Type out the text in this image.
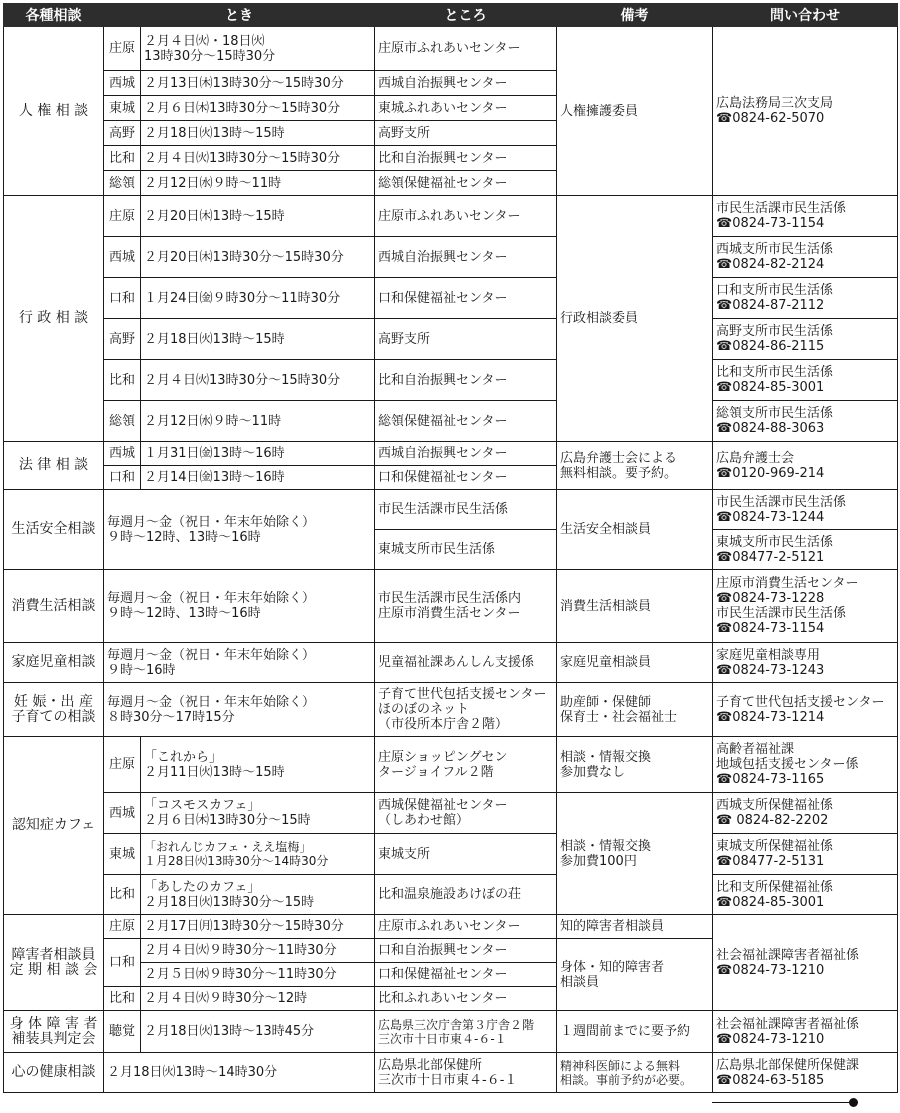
各種相談	とき		ところ	備考	問い合わせ
人 権 相 談	庄原	２月４日㈫・18日㈫
13時30分～15時30分	庄原市ふれあいセンター	人権擁護委員	広島法務局三次支局
☎0824-62-5070
	西城	２月13日㈭13時30分～15時30分	西城自治振興センター		
	東城	２月６日㈭13時30分～15時30分	東城ふれあいセンター		
	高野	２月18日㈫13時～15時	高野支所		
	比和	２月４日㈫13時30分～15時30分	比和自治振興センター		
	総領	２月12日㈬９時～11時	総領保健福祉センター		
行 政 相 談	庄原	２月20日㈭13時～15時	庄原市ふれあいセンター	行政相談委員	市民生活課市民生活係
☎0824-73-1154
	西城	２月20日㈭13時30分～15時30分	西城自治振興センター		西城支所市民生活係
☎0824-82-2124
	口和	１月24日㈮９時30分～11時30分	口和保健福祉センター		口和支所市民生活係
☎0824-87-2112
	高野	２月18日㈫13時～15時	高野支所		高野支所市民生活係
☎0824-86-2115
	比和	２月４日㈫13時30分～15時30分	比和自治振興センター		比和支所市民生活係
☎0824-85-3001
	総領	２月12日㈬９時～11時	総領保健福祉センター		総領支所市民生活係
☎0824-88-3063
法 律 相 談	西城	１月31日㈮13時～16時	西城自治振興センター	広島弁護士会による
無料相談。要予約。	広島弁護士会
☎0120-969-214
	口和	２月14日㈮13時～16時	口和保健福祉センター		
生活安全相談	毎週月～金（祝日・年末年始除く）
９時～12時、13時～16時		市民生活課市民生活係	生活安全相談員	市民生活課市民生活係
☎0824-73-1244
			東城支所市民生活係		東城支所市民生活係
☎08477-2-5121
消費生活相談	毎週月～金（祝日・年末年始除く）
９時～12時、13時～16時		市民生活課市民生活係内
庄原市消費生活センター	消費生活相談員	庄原市消費生活センター
☎0824-73-1228
市民生活課市民生活係
☎0824-73-1154
家庭児童相談	毎週月～金（祝日・年末年始除く）
９時～16時		児童福祉課あんしん支援係	家庭児童相談員	家庭児童相談専用
☎0824-73-1243
妊 娠・出 産
子育ての相談	毎週月～金（祝日・年末年始除く）
８時30分～17時15分		子育て世代包括支援センター
ほのぼのネット
（市役所本庁舎２階）	助産師・保健師
保育士・社会福祉士	子育て世代包括支援センター
☎0824-73-1214
認知症カフェ	庄原	「これから」
２月11日㈫13時～15時	庄原ショッピングセン
タージョイフル２階	相談・情報交換
参加費なし	高齢者福祉課
地域包括支援センター係
☎0824-73-1165
	西城	「コスモスカフェ」
２月６日㈭13時30分～15時	西城保健福祉センター
（しあわせ館）	相談・情報交換
参加費100円	西城支所保健福祉係
☎ 0824-82-2202
	東城	「おれんじカフェ・ええ塩梅」
１月28日㈫13時30分～14時30分	東城支所		東城支所保健福祉係
☎08477-2-5131
	比和	「あしたのカフェ」
２月18日㈫13時30分～15時	比和温泉施設あけぼの荘		比和支所保健福祉係
☎0824-85-3001
障害者相談員
定 期 相 談 会	庄原	２月17日㈪13時30分～15時30分	庄原市ふれあいセンター	知的障害者相談員	社会福祉課障害者福祉係
☎0824-73-1210
	口和	２月４日㈫９時30分～11時30分	口和自治振興センター	身体・知的障害者
相談員	
		２月５日㈬９時30分～11時30分	口和保健福祉センター		
	比和	２月４日㈫９時30分～12時	比和ふれあいセンター		
身 体 障 害 者
補装具判定会	聴覚	２月18日㈫13時～13時45分	広島県三次庁舎第３庁舎２階
三次市十日市東４-６-１	１週間前までに要予約	社会福祉課障害者福祉係
☎0824-73-1210
心の健康相談	２月18日㈫13時～14時30分		広島県北部保健所
三次市十日市東４-６-１	精神科医師による無料
相談。事前予約が必要。	広島県北部保健所保健課
☎0824-63-5185
